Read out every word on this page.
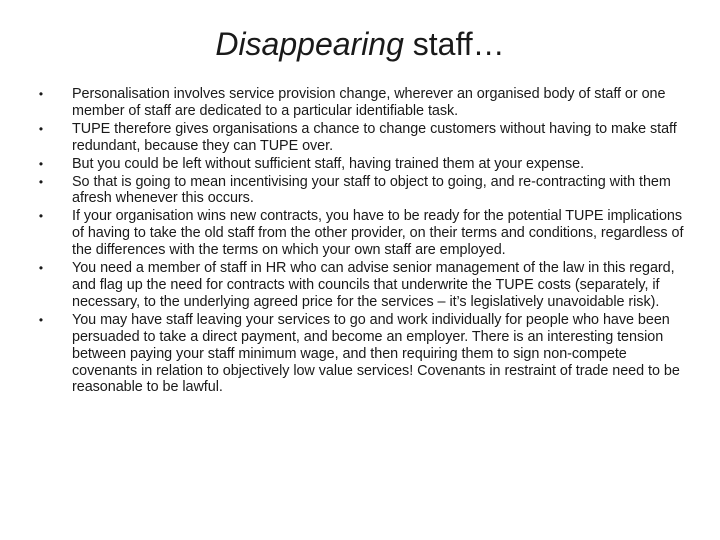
Disappearing staff…
• Personalisation involves service provision change, wherever an organised body of staff or one member of staff are dedicated to a particular identifiable task.
• TUPE therefore gives organisations a chance to change customers without having to make staff redundant, because they can TUPE over.
• But you could be left without sufficient staff, having trained them at your expense.
• So that is going to mean incentivising your staff to object to going, and re-contracting with them afresh whenever this occurs.
• If your organisation wins new contracts, you have to be ready for the potential TUPE implications of having to take the old staff from the other provider, on their terms and conditions, regardless of the differences with the terms on which your own staff are employed.
• You need a member of staff in HR who can advise senior management of the law in this regard, and flag up the need for contracts with councils that underwrite the TUPE costs (separately, if necessary, to the underlying agreed price for the services – it’s legislatively unavoidable risk).
• You may have staff leaving your services to go and work individually for people who have been persuaded to take a direct payment, and become an employer. There is an interesting tension between paying your staff minimum wage, and then requiring them to sign non-compete covenants in relation to objectively low value services! Covenants in restraint of trade need to be reasonable to be lawful.
